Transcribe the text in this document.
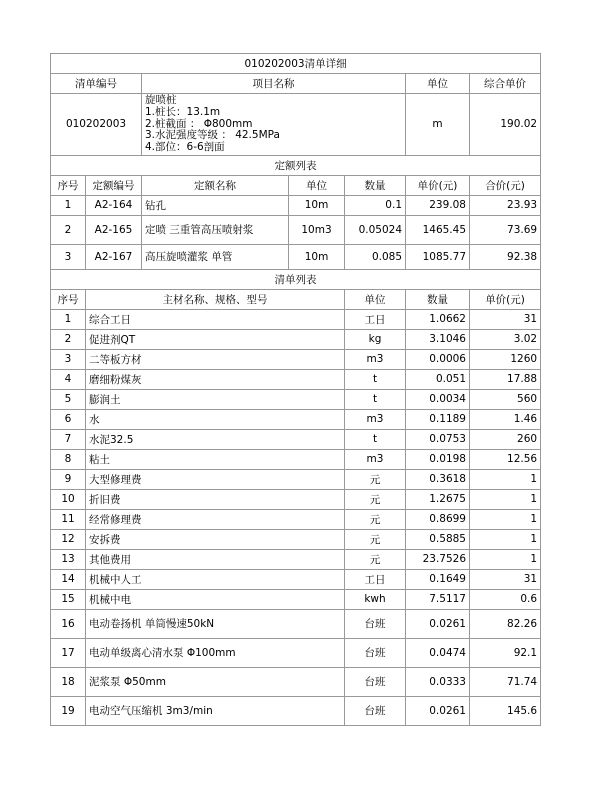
010202003清单详细							
清单编号		项目名称			单位	综合单价	
010202003		旋喷桩
1.桩长：13.1m
2.桩截面 ： Φ800mm
3.水泥强度等级 ： 42.5MPa
4.部位：6-6剖面			m	190.02	
定额列表							
序号	定额编号	定额名称	单位	数量	单价(元)	合价(元)	
1	A2-164	钻孔	10m	0.1	239.08	23.93	
2	A2-165	定喷 三重管高压喷射浆	10m3	0.05024	1465.45	73.69	
3	A2-167	高压旋喷灌浆 单管	10m	0.085	1085.77	92.38	
清单列表							
序号	主材名称、规格、型号			单位	数量	单价(元)	
1	综合工日			工日	1.0662	31	
2	促进剂QT			kg	3.1046	3.02	
3	二等板方材			m3	0.0006	1260	
4	磨细粉煤灰			t	0.051	17.88	
5	膨润土			t	0.0034	560	
6	水			m3	0.1189	1.46	
7	水泥32.5			t	0.0753	260	
8	粘土			m3	0.0198	12.56	
9	大型修理费			元	0.3618	1	
10	折旧费			元	1.2675	1	
11	经常修理费			元	0.8699	1	
12	安拆费			元	0.5885	1	
13	其他费用			元	23.7526	1	
14	机械中人工			工日	0.1649	31	
15	机械中电			kwh	7.5117	0.6	
16	电动卷扬机 单筒慢速50kN			台班	0.0261	82.26	
17	电动单级离心清水泵 Φ100mm			台班	0.0474	92.1	
18	泥浆泵 Φ50mm			台班	0.0333	71.74	
19	电动空气压缩机 3m3/min			台班	0.0261	145.6	
